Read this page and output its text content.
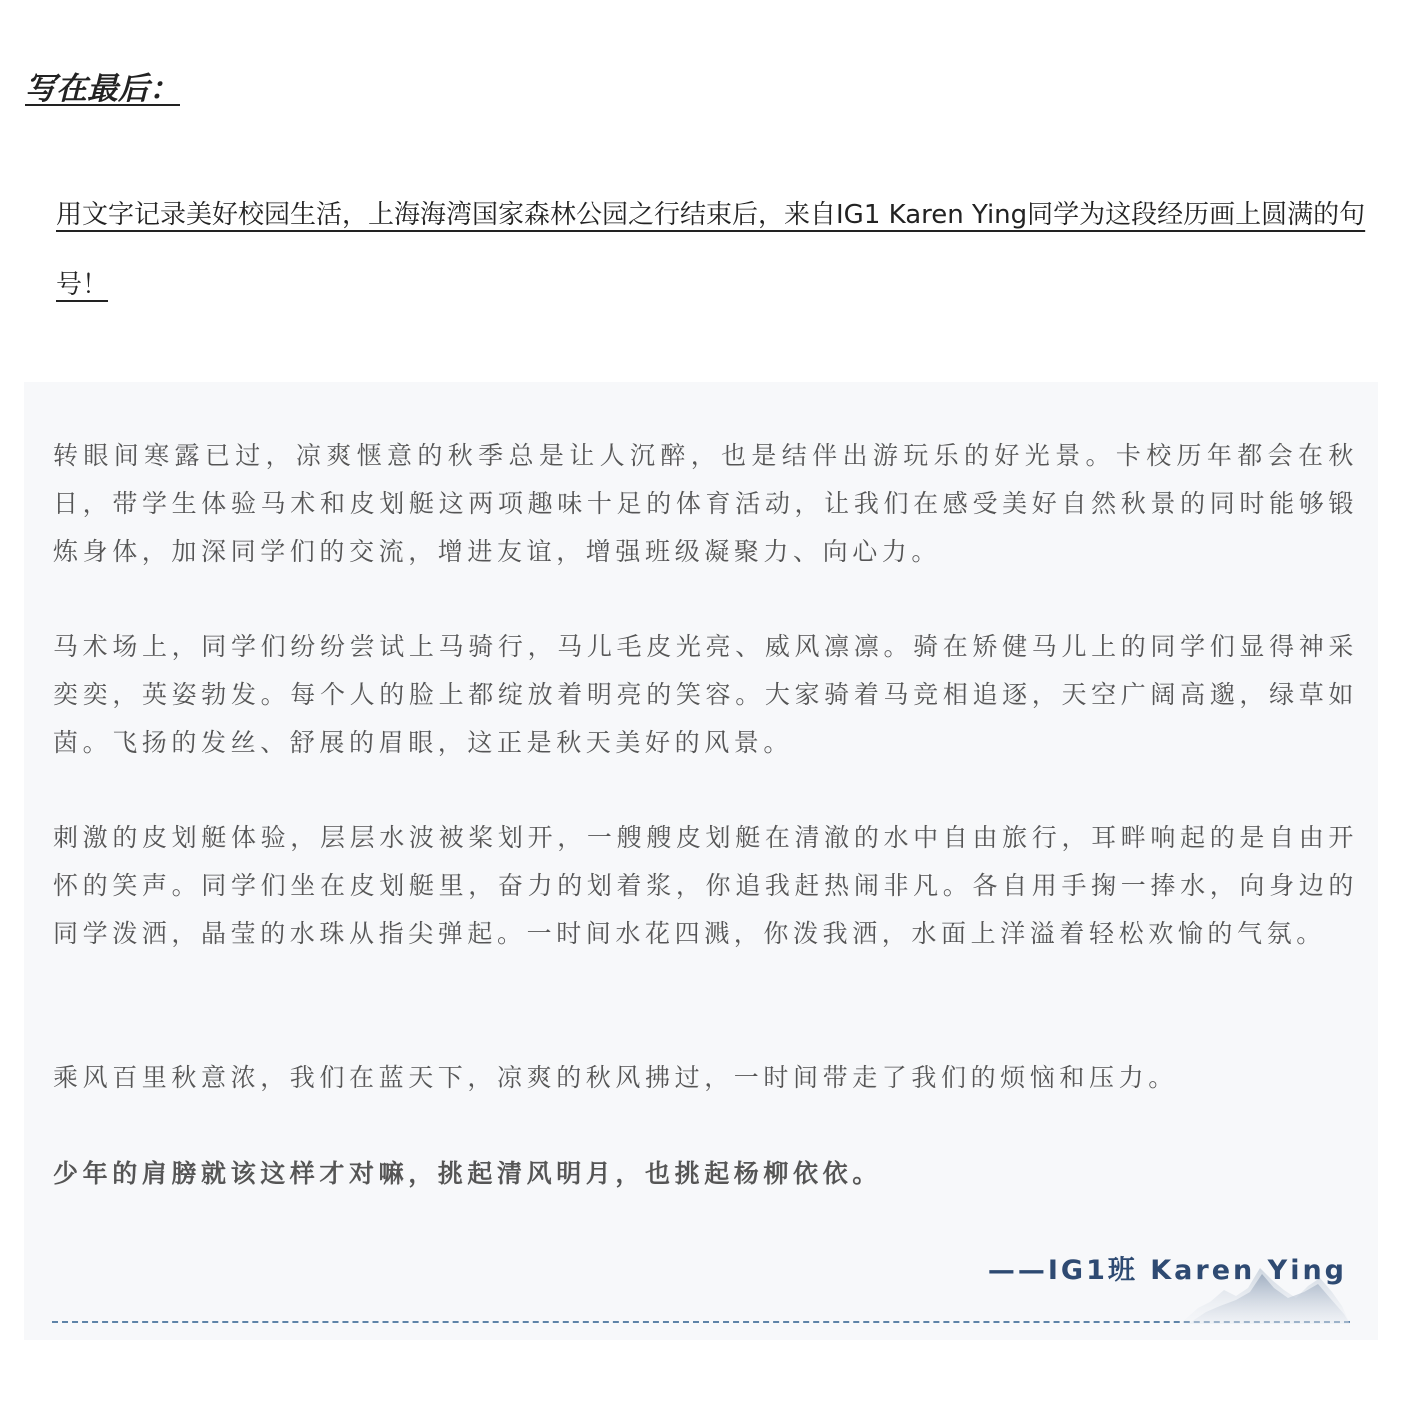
写在最后：

用文字记录美好校园生活，上海海湾国家森林公园之行结束后，来自IG1 Karen Ying同学为这段经历画上圆满的句号！

转眼间寒露已过，凉爽惬意的秋季总是让人沉醉，也是结伴出游玩乐的好光景。卡校历年都会在秋日，带学生体验马术和皮划艇这两项趣味十足的体育活动，让我们在感受美好自然秋景的同时能够锻炼身体，加深同学们的交流，增进友谊，增强班级凝聚力、向心力。

马术场上，同学们纷纷尝试上马骑行，马儿毛皮光亮、威风凛凛。骑在矫健马儿上的同学们显得神采奕奕，英姿勃发。每个人的脸上都绽放着明亮的笑容。大家骑着马竞相追逐，天空广阔高邈，绿草如茵。飞扬的发丝、舒展的眉眼，这正是秋天美好的风景。

刺激的皮划艇体验，层层水波被桨划开，一艘艘皮划艇在清澈的水中自由旅行，耳畔响起的是自由开怀的笑声。同学们坐在皮划艇里，奋力的划着浆，你追我赶热闹非凡。各自用手掬一捧水，向身边的同学泼洒，晶莹的水珠从指尖弹起。一时间水花四溅，你泼我洒，水面上洋溢着轻松欢愉的气氛。

乘风百里秋意浓，我们在蓝天下，凉爽的秋风拂过，一时间带走了我们的烦恼和压力。

少年的肩膀就该这样才对嘛，挑起清风明月，也挑起杨柳依依。

——IG1班 Karen Ying
